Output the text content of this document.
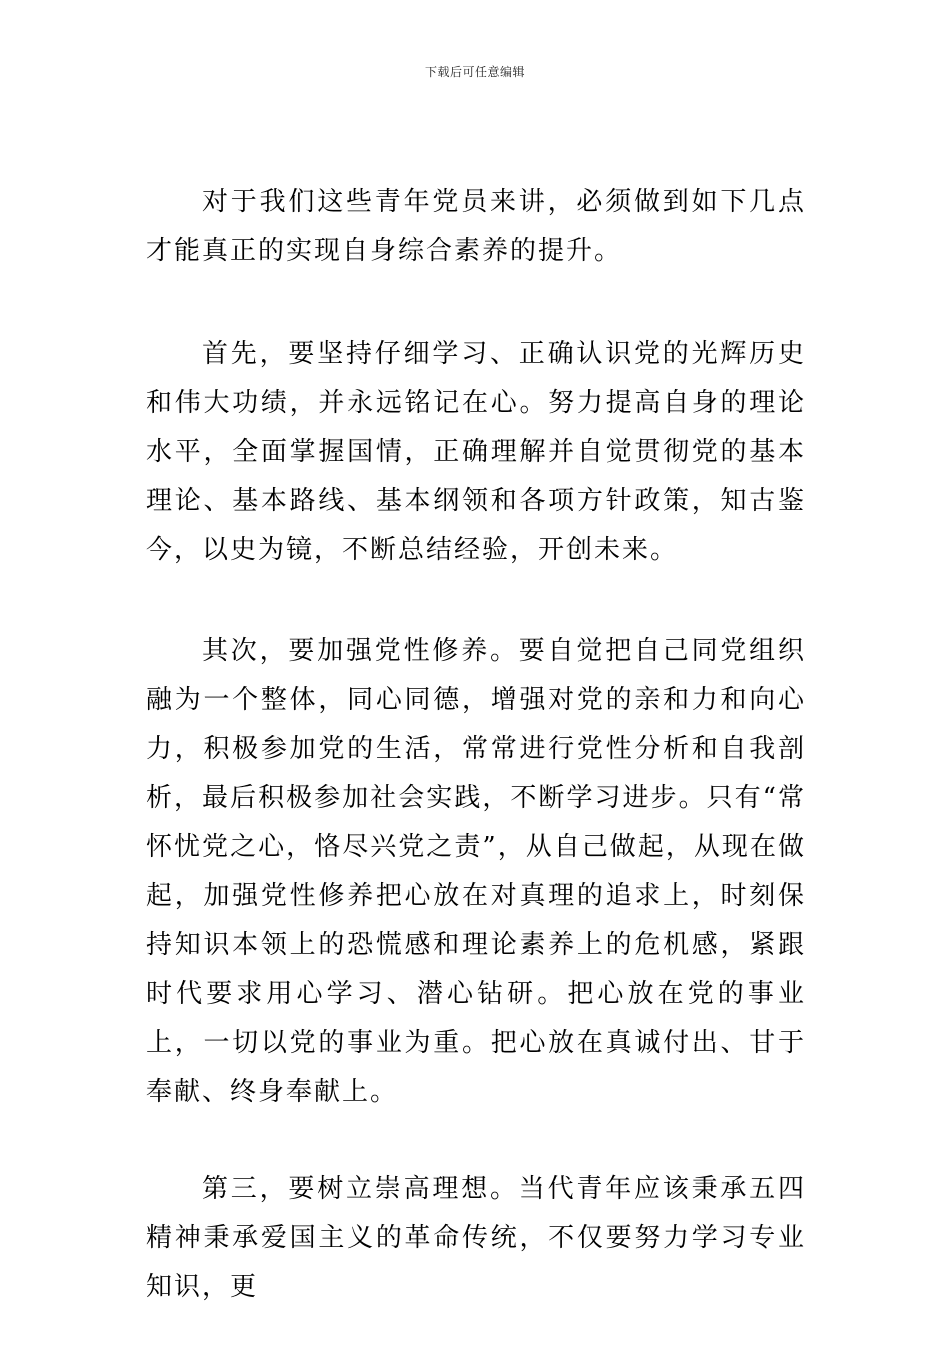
下载后可任意编辑

对于我们这些青年党员来讲，必须做到如下几点才能真正的实现自身综合素养的提升。

首先，要坚持仔细学习、正确认识党的光辉历史和伟大功绩，并永远铭记在心。努力提高自身的理论水平，全面掌握国情，正确理解并自觉贯彻党的基本理论、基本路线、基本纲领和各项方针政策，知古鉴今，以史为镜，不断总结经验，开创未来。

其次，要加强党性修养。要自觉把自己同党组织融为一个整体，同心同德，增强对党的亲和力和向心力，积极参加党的生活，常常进行党性分析和自我剖析，最后积极参加社会实践，不断学习进步。只有“常怀忧党之心，恪尽兴党之责”，从自己做起，从现在做起，加强党性修养把心放在对真理的追求上，时刻保持知识本领上的恐慌感和理论素养上的危机感，紧跟时代要求用心学习、潜心钻研。把心放在党的事业上，一切以党的事业为重。把心放在真诚付出、甘于奉献、终身奉献上。

第三，要树立崇高理想。当代青年应该秉承五四精神秉承爱国主义的革命传统，不仅要努力学习专业知识，更
